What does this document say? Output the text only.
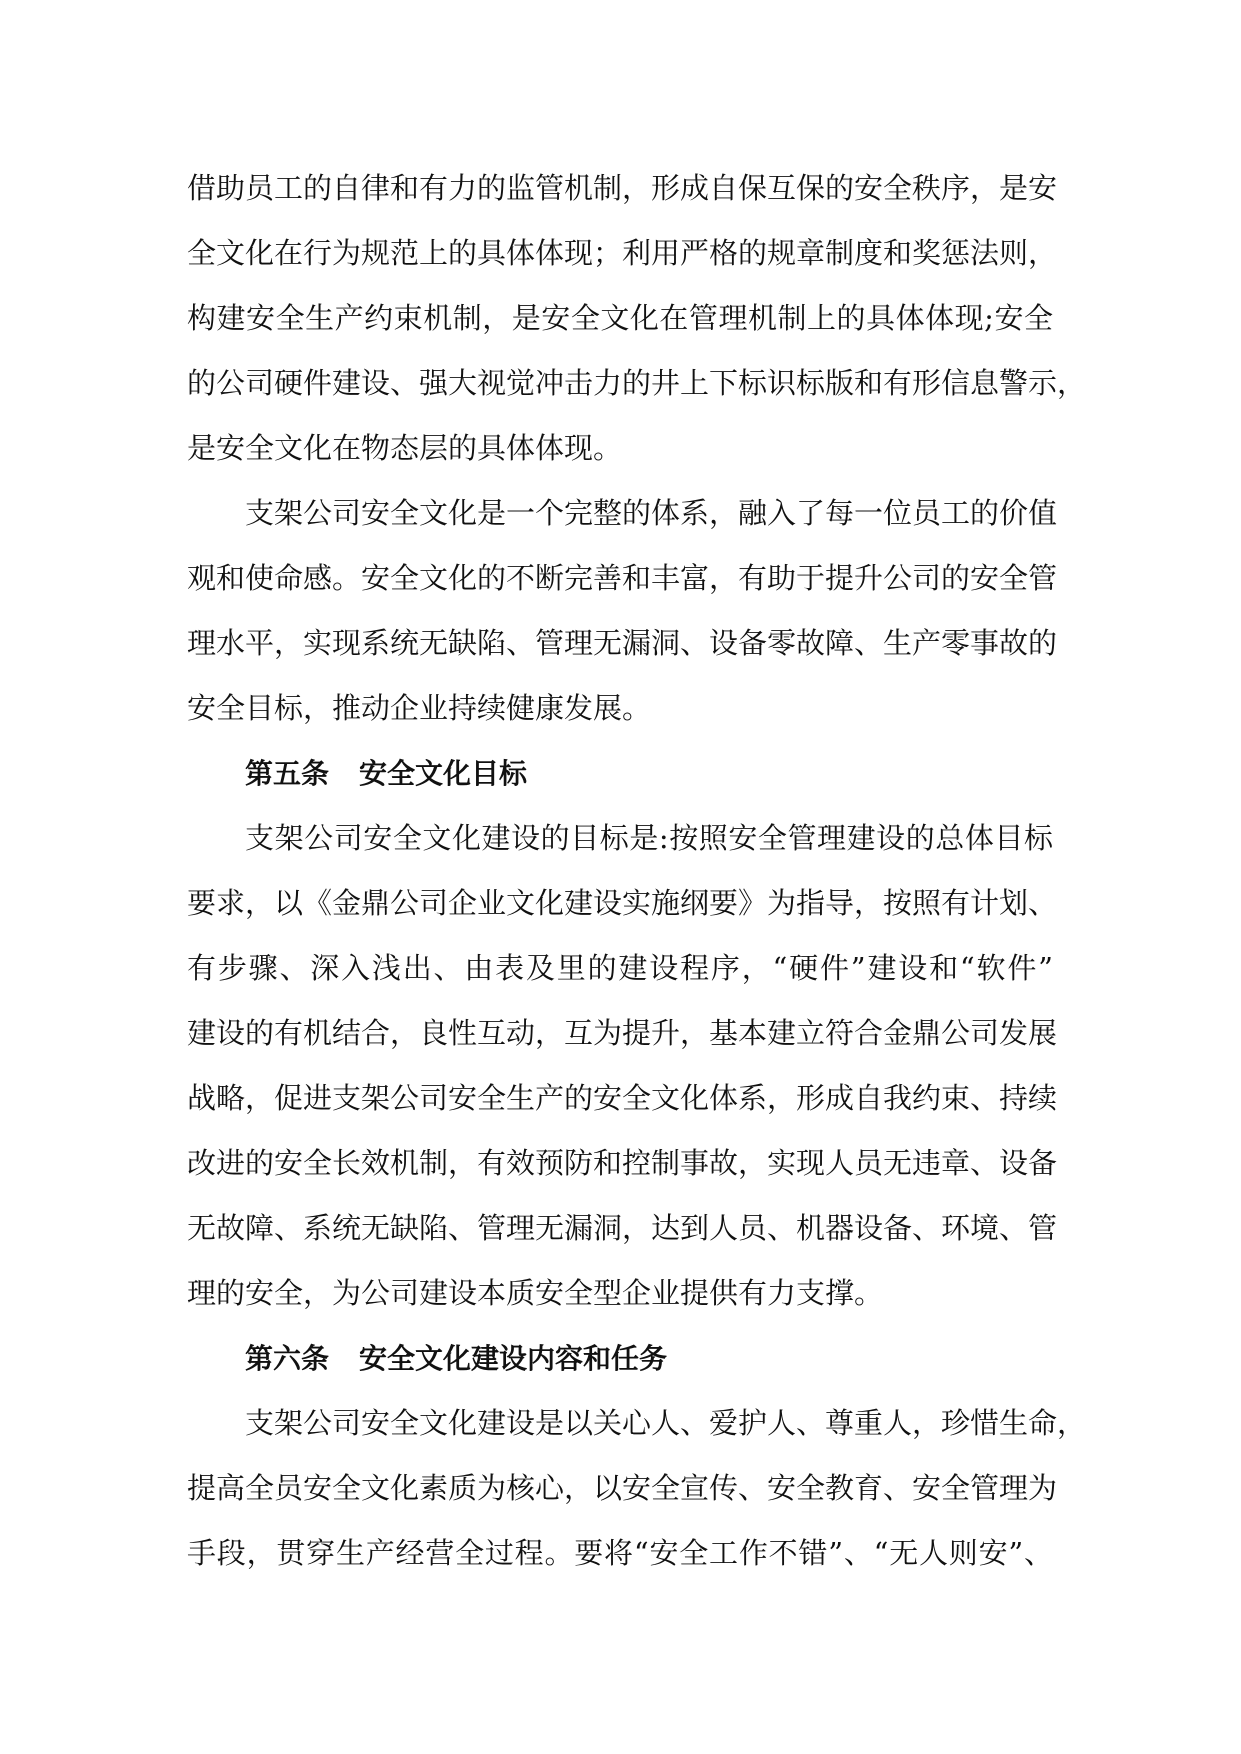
借助员工的自律和有力的监管机制，形成自保互保的安全秩序，是安
全文化在行为规范上的具体体现；利用严格的规章制度和奖惩法则，
构建安全生产约束机制，是安全文化在管理机制上的具体体现;安全
的公司硬件建设、强大视觉冲击力的井上下标识标版和有形信息警示，
是安全文化在物态层的具体体现。
支架公司安全文化是一个完整的体系，融入了每一位员工的价值
观和使命感。安全文化的不断完善和丰富，有助于提升公司的安全管
理水平，实现系统无缺陷、管理无漏洞、设备零故障、生产零事故的
安全目标，推动企业持续健康发展。
第五条 安全文化目标
支架公司安全文化建设的目标是:按照安全管理建设的总体目标
要求，以《金鼎公司企业文化建设实施纲要》为指导，按照有计划、
有步骤、深入浅出、由表及里的建设程序，“硬件”建设和“软件”
建设的有机结合，良性互动，互为提升，基本建立符合金鼎公司发展
战略，促进支架公司安全生产的安全文化体系，形成自我约束、持续
改进的安全长效机制，有效预防和控制事故，实现人员无违章、设备
无故障、系统无缺陷、管理无漏洞，达到人员、机器设备、环境、管
理的安全，为公司建设本质安全型企业提供有力支撑。
第六条 安全文化建设内容和任务
支架公司安全文化建设是以关心人、爱护人、尊重人，珍惜生命，
提高全员安全文化素质为核心，以安全宣传、安全教育、安全管理为
手段，贯穿生产经营全过程。要将“安全工作不错”、“无人则安”、
